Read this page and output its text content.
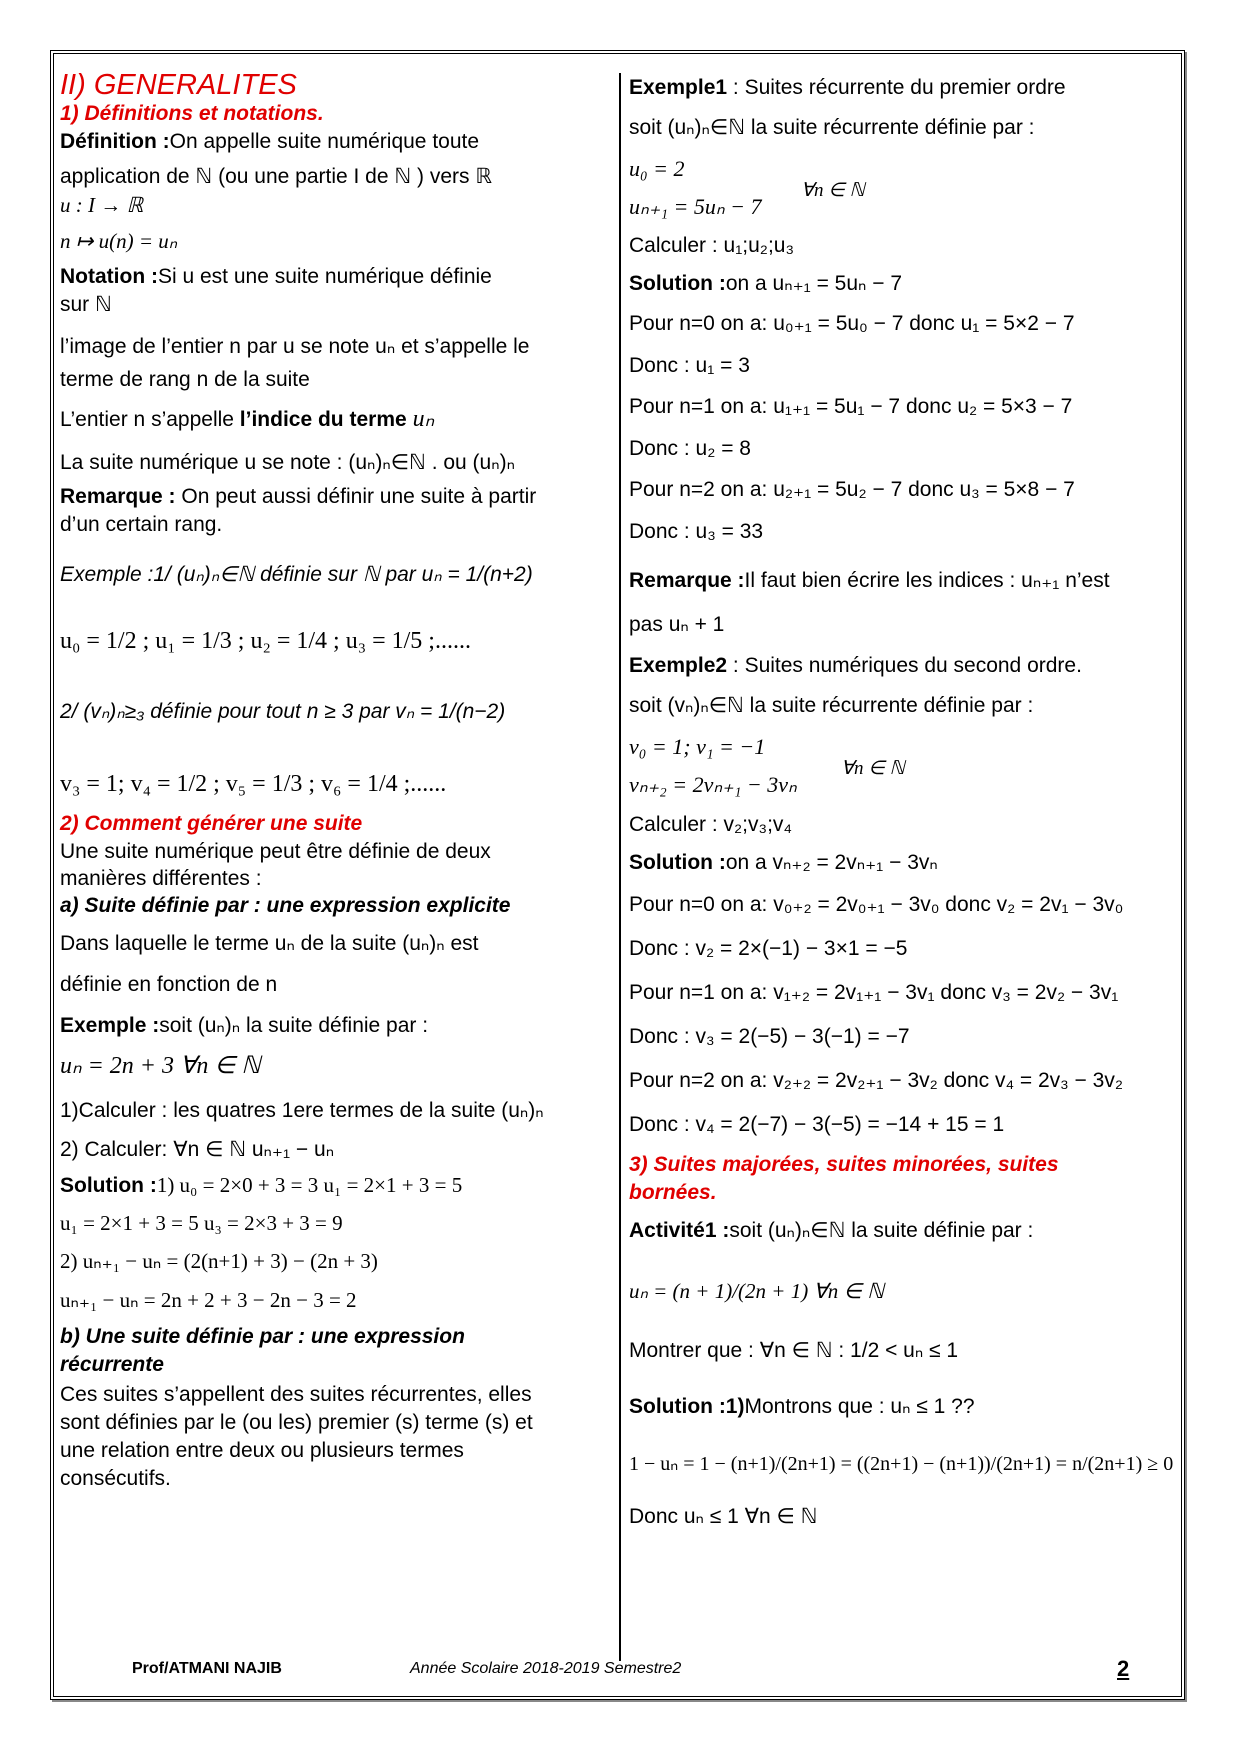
II) GENERALITES
1) Définitions et notations.
Définition :On appelle suite numérique toute
application de ℕ (ou une partie I de ℕ ) vers ℝ
u : I → ℝ
n ↦ u(n) = uₙ
Notation :Si u est une suite numérique définie
sur ℕ
l’image de l’entier n par u se note uₙ et s’appelle le
terme de rang n de la suite
L’entier n s’appelle l’indice du terme uₙ
La suite numérique u se note : (uₙ)ₙ∈ℕ . ou (uₙ)ₙ
Remarque : On peut aussi définir une suite à partir
d’un certain rang.
Exemple :1/ (uₙ)ₙ∈ℕ définie sur ℕ par uₙ = 1/(n+2)
u₀ = 1/2 ; u₁ = 1/3 ; u₂ = 1/4 ; u₃ = 1/5 ;......
2/ (vₙ)ₙ≥₃ définie pour tout n ≥ 3 par vₙ = 1/(n−2)
v₃ = 1; v₄ = 1/2 ; v₅ = 1/3 ; v₆ = 1/4 ;......
2) Comment générer une suite
Une suite numérique peut être définie de deux
manières différentes :
a) Suite définie par : une expression explicite
Dans laquelle le terme uₙ de la suite (uₙ)ₙ est
définie en fonction de n
Exemple :soit (uₙ)ₙ la suite définie par :
uₙ = 2n + 3 ∀n ∈ ℕ
1)Calculer : les quatres 1ere termes de la suite (uₙ)ₙ
2) Calculer: ∀n ∈ ℕ uₙ₊₁ − uₙ
Solution :1) u₀ = 2×0 + 3 = 3 u₁ = 2×1 + 3 = 5
u₁ = 2×1 + 3 = 5 u₃ = 2×3 + 3 = 9
2) uₙ₊₁ − uₙ = (2(n+1) + 3) − (2n + 3)
uₙ₊₁ − uₙ = 2n + 2 + 3 − 2n − 3 = 2
b) Une suite définie par : une expression
récurrente
Ces suites s’appellent des suites récurrentes, elles
sont définies par le (ou les) premier (s) terme (s) et
une relation entre deux ou plusieurs termes
consécutifs.
Exemple1 : Suites récurrente du premier ordre
soit (uₙ)ₙ∈ℕ la suite récurrente définie par :
u₀ = 2
uₙ₊₁ = 5uₙ − 7
∀n ∈ ℕ
Calculer : u₁;u₂;u₃
Solution :on a uₙ₊₁ = 5uₙ − 7
Pour n=0 on a: u₀₊₁ = 5u₀ − 7 donc u₁ = 5×2 − 7
Donc : u₁ = 3
Pour n=1 on a: u₁₊₁ = 5u₁ − 7 donc u₂ = 5×3 − 7
Donc : u₂ = 8
Pour n=2 on a: u₂₊₁ = 5u₂ − 7 donc u₃ = 5×8 − 7
Donc : u₃ = 33
Remarque :Il faut bien écrire les indices : uₙ₊₁ n’est
pas uₙ + 1
Exemple2 : Suites numériques du second ordre.
soit (vₙ)ₙ∈ℕ la suite récurrente définie par :
v₀ = 1; v₁ = −1
vₙ₊₂ = 2vₙ₊₁ − 3vₙ
∀n ∈ ℕ
Calculer : v₂;v₃;v₄
Solution :on a vₙ₊₂ = 2vₙ₊₁ − 3vₙ
Pour n=0 on a: v₀₊₂ = 2v₀₊₁ − 3v₀ donc v₂ = 2v₁ − 3v₀
Donc : v₂ = 2×(−1) − 3×1 = −5
Pour n=1 on a: v₁₊₂ = 2v₁₊₁ − 3v₁ donc v₃ = 2v₂ − 3v₁
Donc : v₃ = 2(−5) − 3(−1) = −7
Pour n=2 on a: v₂₊₂ = 2v₂₊₁ − 3v₂ donc v₄ = 2v₃ − 3v₂
Donc : v₄ = 2(−7) − 3(−5) = −14 + 15 = 1
3) Suites majorées, suites minorées, suites
bornées.
Activité1 :soit (uₙ)ₙ∈ℕ la suite définie par :
uₙ = (n + 1)/(2n + 1) ∀n ∈ ℕ
Montrer que : ∀n ∈ ℕ : 1/2 < uₙ ≤ 1
Solution :1)Montrons que : uₙ ≤ 1 ??
1 − uₙ = 1 − (n+1)/(2n+1) = ((2n+1) − (n+1))/(2n+1) = n/(2n+1) ≥ 0
Donc uₙ ≤ 1 ∀n ∈ ℕ
Prof/ATMANI NAJIB	Année Scolaire 2018-2019 Semestre2	2
